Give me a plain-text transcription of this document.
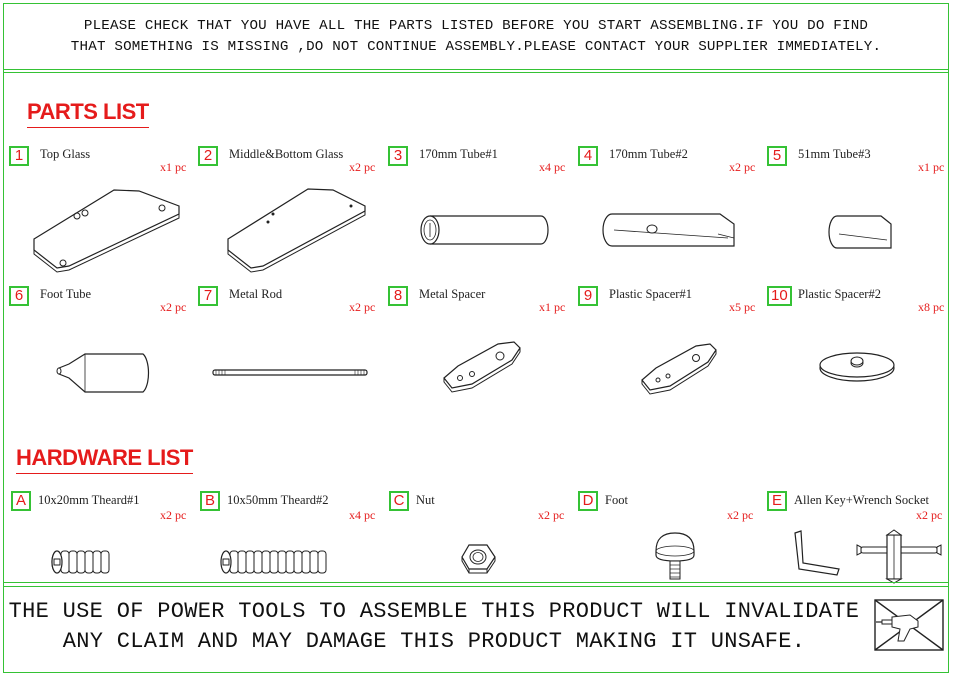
PLEASE CHECK THAT YOU HAVE ALL THE PARTS LISTED BEFORE YOU START ASSEMBLING.IF YOU DO FIND
THAT SOMETHING IS MISSING ,DO NOT CONTINUE ASSEMBLY.PLEASE CONTACT YOUR SUPPLIER IMMEDIATELY.
PARTS LIST
1	Top Glass
x1 pc
2	Middle&Bottom Glass
x2 pc
3	170mm Tube#1
x4 pc
4	170mm Tube#2
x2 pc
5	51mm Tube#3
x1 pc
6	Foot Tube
x2 pc
7	Metal Rod
x2 pc
8	Metal Spacer
x1 pc
9	Plastic Spacer#1
x5 pc
10 Plastic Spacer#2
x8 pc
HARDWARE LIST
A 10x20mm Theard#1
x2 pc
B 10x50mm Theard#2
x4 pc
C Nut
x2 pc
D Foot
x2 pc
E Allen Key+Wrench Socket
x2 pc
THE USE OF POWER TOOLS TO ASSEMBLE THIS PRODUCT WILL INVALIDATE
ANY CLAIM AND MAY DAMAGE THIS PRODUCT MAKING IT UNSAFE.
